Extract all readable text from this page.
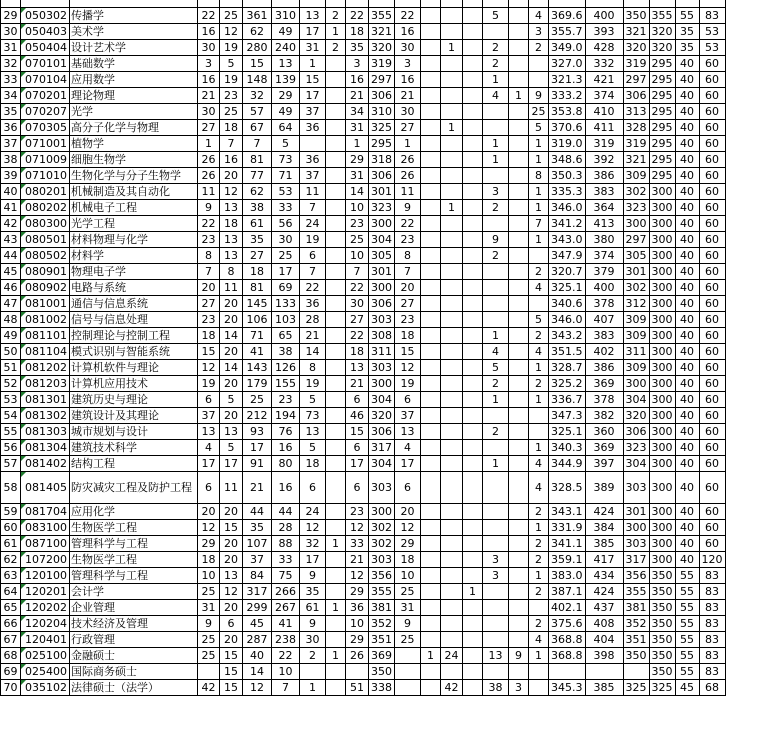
29	050302	传播学	22	25	361	310	13	2	22	355	22				5		4	369.6	400	350	355	55	83
30	050403	美术学	16	12	62	49	17	1	18	321	16						3	355.7	393	321	320	35	53
31	050404	设计艺术学	30	19	280	240	31	2	35	320	30		1		2		2	349.0	428	320	320	35	53
32	070101	基础数学	3	5	15	13	1		3	319	3				2			327.0	332	319	295	40	60
33	070104	应用数学	16	19	148	139	15		16	297	16				1			321.3	421	297	295	40	60
34	070201	理论物理	21	23	32	29	17		21	306	21				4	1	9	333.2	374	306	295	40	60
35	070207	光学	30	25	57	49	37		34	310	30						25	353.8	410	313	295	40	60
36	070305	高分子化学与物理	27	18	67	64	36		31	325	27		1				5	370.6	411	328	295	40	60
37	071001	植物学	1	7	7	5			1	295	1				1		1	319.0	319	319	295	40	60
38	071009	细胞生物学	26	16	81	73	36		29	318	26				1		1	348.6	392	321	295	40	60
39	071010	生物化学与分子生物学	26	20	77	71	37		31	306	26						8	350.3	386	309	295	40	60
40	080201	机械制造及其自动化	11	12	62	53	11		14	301	11				3		1	335.3	383	302	300	40	60
41	080202	机械电子工程	9	13	38	33	7		10	323	9		1		2		1	346.0	364	323	300	40	60
42	080300	光学工程	22	18	61	56	24		23	300	22						7	341.2	413	300	300	40	60
43	080501	材料物理与化学	23	13	35	30	19		25	304	23				9		1	343.0	380	297	300	40	60
44	080502	材料学	8	13	27	25	6		10	305	8				2			347.9	374	305	300	40	60
45	080901	物理电子学	7	8	18	17	7		7	301	7						2	320.7	379	301	300	40	60
46	080902	电路与系统	20	11	81	69	22		22	300	20						4	325.1	400	302	300	40	60
47	081001	通信与信息系统	27	20	145	133	36		30	306	27							340.6	378	312	300	40	60
48	081002	信号与信息处理	23	20	106	103	28		27	303	23						5	346.0	407	309	300	40	60
49	081101	控制理论与控制工程	18	14	71	65	21		22	308	18				1		2	343.2	383	309	300	40	60
50	081104	模式识别与智能系统	15	20	41	38	14		18	311	15				4		4	351.5	402	311	300	40	60
51	081202	计算机软件与理论	12	14	143	126	8		13	303	12				5		1	328.7	386	309	300	40	60
52	081203	计算机应用技术	19	20	179	155	19		21	300	19				2		2	325.2	369	300	300	40	60
53	081301	建筑历史与理论	6	5	25	23	5		6	304	6				1		1	336.7	378	304	300	40	60
54	081302	建筑设计及其理论	37	20	212	194	73		46	320	37							347.3	382	320	300	40	60
55	081303	城市规划与设计	13	13	93	76	13		15	306	13				2			325.1	360	306	300	40	60
56	081304	建筑技术科学	4	5	17	16	5		6	317	4						1	340.3	369	323	300	40	60
57	081402	结构工程	17	17	91	80	18		17	304	17				1		4	344.9	397	304	300	40	60
58	081405	防灾减灾工程及防护工程	6	11	21	16	6		6	303	6						4	328.5	389	303	300	40	60
59	081704	应用化学	20	20	44	44	24		23	300	20						2	343.1	424	301	300	40	60
60	083100	生物医学工程	12	15	35	28	12		12	302	12						1	331.9	384	300	300	40	60
61	087100	管理科学与工程	29	20	107	88	32	1	33	302	29						2	341.1	385	303	300	40	60
62	107200	生物医学工程	18	20	37	33	17		21	303	18				3		2	359.1	417	317	300	40	120
63	120100	管理科学与工程	10	13	84	75	9		12	356	10				3		1	383.0	434	356	350	55	83
64	120201	会计学	25	12	317	266	35		29	355	25			1			2	387.1	424	355	350	55	83
65	120202	企业管理	31	20	299	267	61	1	36	381	31							402.1	437	381	350	55	83
66	120204	技术经济及管理	9	6	45	41	9		10	352	9						2	375.6	408	352	350	55	83
67	120401	行政管理	25	20	287	238	30		29	351	25						4	368.8	404	351	350	55	83
68	025100	金融硕士	25	15	40	22	2	1	26	369		1	24		13	9	1	368.8	398	350	350	55	83
69	025400	国际商务硕士		15	14	10				350											350	55	83
70	035102	法律硕士（法学）	42	15	12	7	1		51	338			42		38	3		345.3	385	325	325	45	68
